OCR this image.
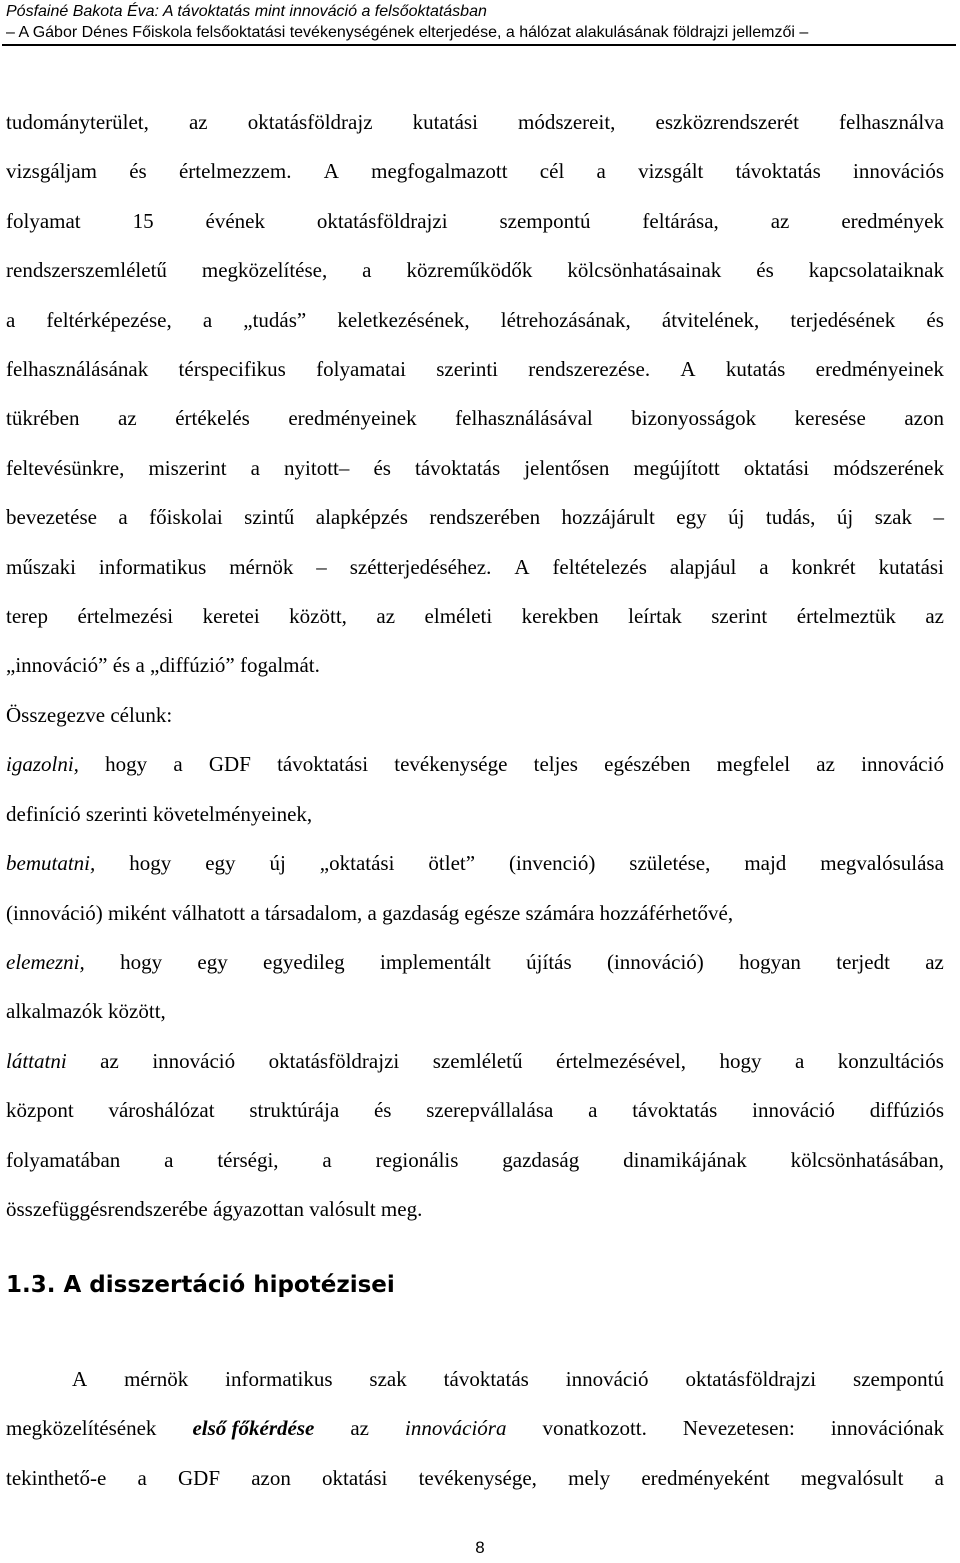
Pósfainé Bakota Éva: A távoktatás mint innováció a felsőoktatásban
– A Gábor Dénes Főiskola felsőoktatási tevékenységének elterjedése, a hálózat alakulásának földrajzi jellemzői –
tudományterület, az oktatásföldrajz kutatási módszereit, eszközrendszerét felhasználva
vizsgáljam és értelmezzem. A megfogalmazott cél a vizsgált távoktatás innovációs
folyamat 15 évének oktatásföldrajzi szempontú feltárása, az eredmények
rendszerszemléletű megközelítése, a közreműködők kölcsönhatásainak és kapcsolataiknak
a feltérképezése, a „tudás” keletkezésének, létrehozásának, átvitelének, terjedésének és
felhasználásának térspecifikus folyamatai szerinti rendszerezése. A kutatás eredményeinek
tükrében az értékelés eredményeinek felhasználásával bizonyosságok keresése azon
feltevésünkre, miszerint a nyitott– és távoktatás jelentősen megújított oktatási módszerének
bevezetése a főiskolai szintű alapképzés rendszerében hozzájárult egy új tudás, új szak –
műszaki informatikus mérnök – szétterjedéséhez. A feltételezés alapjául a konkrét kutatási
terep értelmezési keretei között, az elméleti kerekben leírtak szerint értelmeztük az
„innováció” és a „diffúzió” fogalmát.
Összegezve célunk:
igazolni, hogy a GDF távoktatási tevékenysége teljes egészében megfelel az innováció
definíció szerinti követelményeinek,
bemutatni, hogy egy új „oktatási ötlet” (invenció) születése, majd megvalósulása
(innováció) miként válhatott a társadalom, a gazdaság egésze számára hozzáférhetővé,
elemezni, hogy egy egyedileg implementált újítás (innováció) hogyan terjedt az
alkalmazók között,
láttatni az innováció oktatásföldrajzi szemléletű értelmezésével, hogy a konzultációs
központ városhálózat struktúrája és szerepvállalása a távoktatás innováció diffúziós
folyamatában a térségi, a regionális gazdaság dinamikájának kölcsönhatásában,
összefüggésrendszerébe ágyazottan valósult meg.
1.3. A disszertáció hipotézisei
A mérnök informatikus szak távoktatás innováció oktatásföldrajzi szempontú
megközelítésének első főkérdése az innovációra vonatkozott. Nevezetesen: innovációnak
tekinthető-e a GDF azon oktatási tevékenysége, mely eredményeként megvalósult a
8
